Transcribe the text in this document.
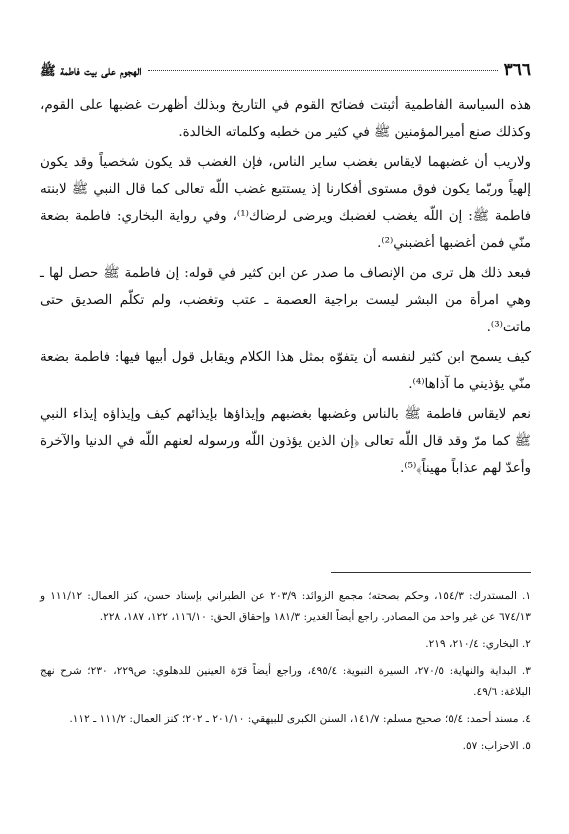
٣٦٦
الهجوم على بيت فاطمة ﷺ

هذه السياسة الفاطمية أثبتت فضائح القوم في التاريخ وبذلك أظهرت غضبها على القوم، وكذلك صنع أميرالمؤمنين ﷺ في كثير من خطبه وكلماته الخالدة.

ولاريب أن غضبهما لايقاس بغضب ساير الناس، فإن الغضب قد يكون شخصياً وقد يكون إلهياً وربّما يكون فوق مستوى أفكارنا إذ يستتبع غضب اللّه تعالى كما قال النبي ﷺ لابنته فاطمة ﷺ: إن اللّه يغضب لغضبك ويرضى لرضاك⁽¹⁾، وفي رواية البخاري: فاطمة بضعة منّي فمن أغضبها أغضبني⁽²⁾.

فبعد ذلك هل ترى من الإنصاف ما صدر عن ابن كثير في قوله: إن فاطمة ﷺ حصل لها ـ وهي امرأة من البشر ليست براجية العصمة ـ عتب وتغضب، ولم تكلّم الصديق حتى ماتت⁽³⁾.

كيف يسمح ابن كثير لنفسه أن يتفوّه بمثل هذا الكلام ويقابل قول أبيها فيها: فاطمة بضعة منّي يؤذيني ما آذاها⁽⁴⁾.

نعم لايقاس فاطمة ﷺ بالناس وغضبها بغضبهم وإيذاؤها بإيذائهم كيف وإيذاؤه إيذاء النبي ﷺ كما مرّ وقد قال اللّه تعالى ﴿إن الذين يؤذون اللّه ورسوله لعنهم اللّه في الدنيا والآخرة وأعدّ لهم عذاباً مهيناً﴾⁽⁵⁾.

١. المستدرك: ١٥٤/٣، وحكم بصحته؛ مجمع الزوائد: ٢٠٣/٩ عن الطبراني بإسناد حسن، كنز العمال: ١١١/١٢ و ٦٧٤/١٣ عن غير واحد من المصادر. راجع أيضاً الغدير: ١٨١/٣ وإحقاق الحق: ١١٦/١٠، ١٢٢، ١٨٧، ٢٢٨.

٢. البخاري: ٢١٠/٤، ٢١٩.

٣. البداية والنهاية: ٢٧٠/٥، السيرة النبوية: ٤٩٥/٤، وراجع أيضاً قرّة العينين للدهلوي: ص٢٢٩، ٢٣٠؛ شرح نهج البلاغة: ٤٩/٦.

٤. مسند أحمد: ٥/٤؛ صحيح مسلم: ١٤١/٧، السنن الكبرى للبيهقي: ٢٠١/١٠ ـ ٢٠٢؛ كنز العمال: ١١١/٢ ـ ١١٢.

٥. الاحزاب: ٥٧.
